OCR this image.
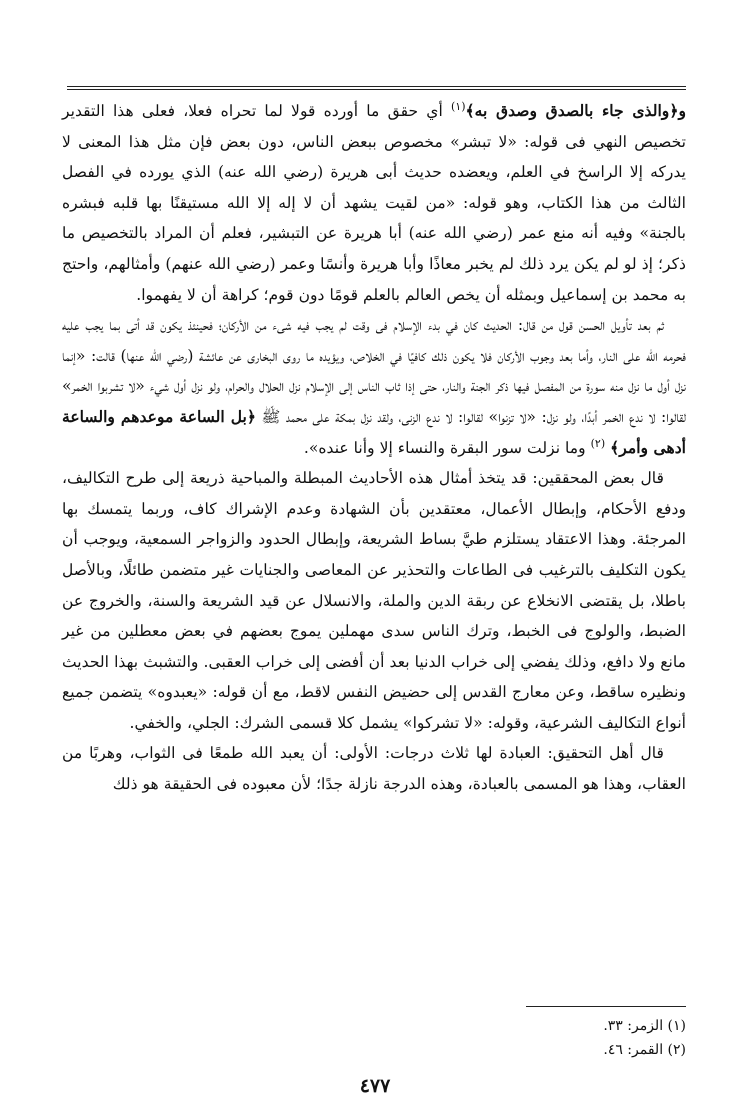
و﴿والذى جاء بالصدق وصدق به﴾$^{(١)}$ أي حقق ما أورده قولا لما تحراه فعلا، فعلى هذا التقدير تخصيص النهي فى قوله: «لا تبشر» مخصوص ببعض الناس، دون بعض فإن مثل هذا المعنى لا يدركه إلا الراسخ في العلم، ويعضده حديث أبى هريرة (رضي الله عنه) الذي يورده في الفصل الثالث من هذا الكتاب، وهو قوله: «من لقيت يشهد أن لا إله إلا الله مستيقنًا بها قلبه فبشره بالجنة» وفيه أنه منع عمر (رضي الله عنه) أبا هريرة عن التبشير، فعلم أن المراد بالتخصيص ما ذكر؛ إذ لو لم يكن يرد ذلك لم يخبر معاذًا وأبا هريرة وأنسًا وعمر (رضي الله عنهم) وأمثالهم، واحتج به محمد بن إسماعيل وبمثله أن يخص العالم بالعلم قومًا دون قوم؛ كراهة أن لا يفهموا.

ثم بعد تأويل الحسن قول من قال: الحديث كان في بدء الإسلام فى وقت لم يجب فيه شىء من الأركان؛ فحينئذ يكون قد أتى بما يجب عليه فحرمه الله على النار، وأما بعد وجوب الأركان فلا يكون ذلك كافيًا في الخلاص، ويؤيده ما روى البخارى عن عائشة (رضي الله عنها) قالت: «إنما نزل أول ما نزل منه سورة من المفصل فيها ذكر الجنة والنار، حتى إذا ثاب الناس إلى الإسلام نزل الحلال والحرام، ولو نزل أول شيء «لا تشربوا الخمر» لقالوا: لا ندع الخمر أبدًا، ولو نزل: «لا تزنوا» لقالوا: لا ندع الزنى، ولقد نزل بمكة على محمد ﷺ ﴿بل الساعة موعدهم والساعة أدهى وأمر﴾ $^{(٢)}$ وما نزلت سور البقرة والنساء إلا وأنا عنده».

قال بعض المحققين: قد يتخذ أمثال هذه الأحاديث المبطلة والمباحية ذريعة إلى طرح التكاليف، ودفع الأحكام، وإبطال الأعمال، معتقدين بأن الشهادة وعدم الإشراك كاف، وربما يتمسك بها المرجئة. وهذا الاعتقاد يستلزم طيَّ بساط الشريعة، وإبطال الحدود والزواجر السمعية، ويوجب أن يكون التكليف بالترغيب فى الطاعات والتحذير عن المعاصى والجنايات غير متضمن طائلًا، وبالأصل باطلا، بل يقتضى الانخلاع عن ربقة الدين والملة، والانسلال عن قيد الشريعة والسنة، والخروج عن الضبط، والولوج فى الخبط، وترك الناس سدى مهملين يموج بعضهم في بعض معطلين من غير مانع ولا دافع، وذلك يفضي إلى خراب الدنيا بعد أن أفضى إلى خراب العقبى. والتشبث بهذا الحديث ونظيره ساقط، وعن معارج القدس إلى حضيض النفس لاقط، مع أن قوله: «يعبدوه» يتضمن جميع أنواع التكاليف الشرعية، وقوله: «لا تشركوا» يشمل كلا قسمى الشرك: الجلي، والخفي.

قال أهل التحقيق: العبادة لها ثلاث درجات: الأولى: أن يعبد الله طمعًا فى الثواب، وهربًا من العقاب، وهذا هو المسمى بالعبادة، وهذه الدرجة نازلة جدًا؛ لأن معبوده فى الحقيقة هو ذلك

(١) الزمر: ٣٣.
(٢) القمر: ٤٦.
٤٧٧
